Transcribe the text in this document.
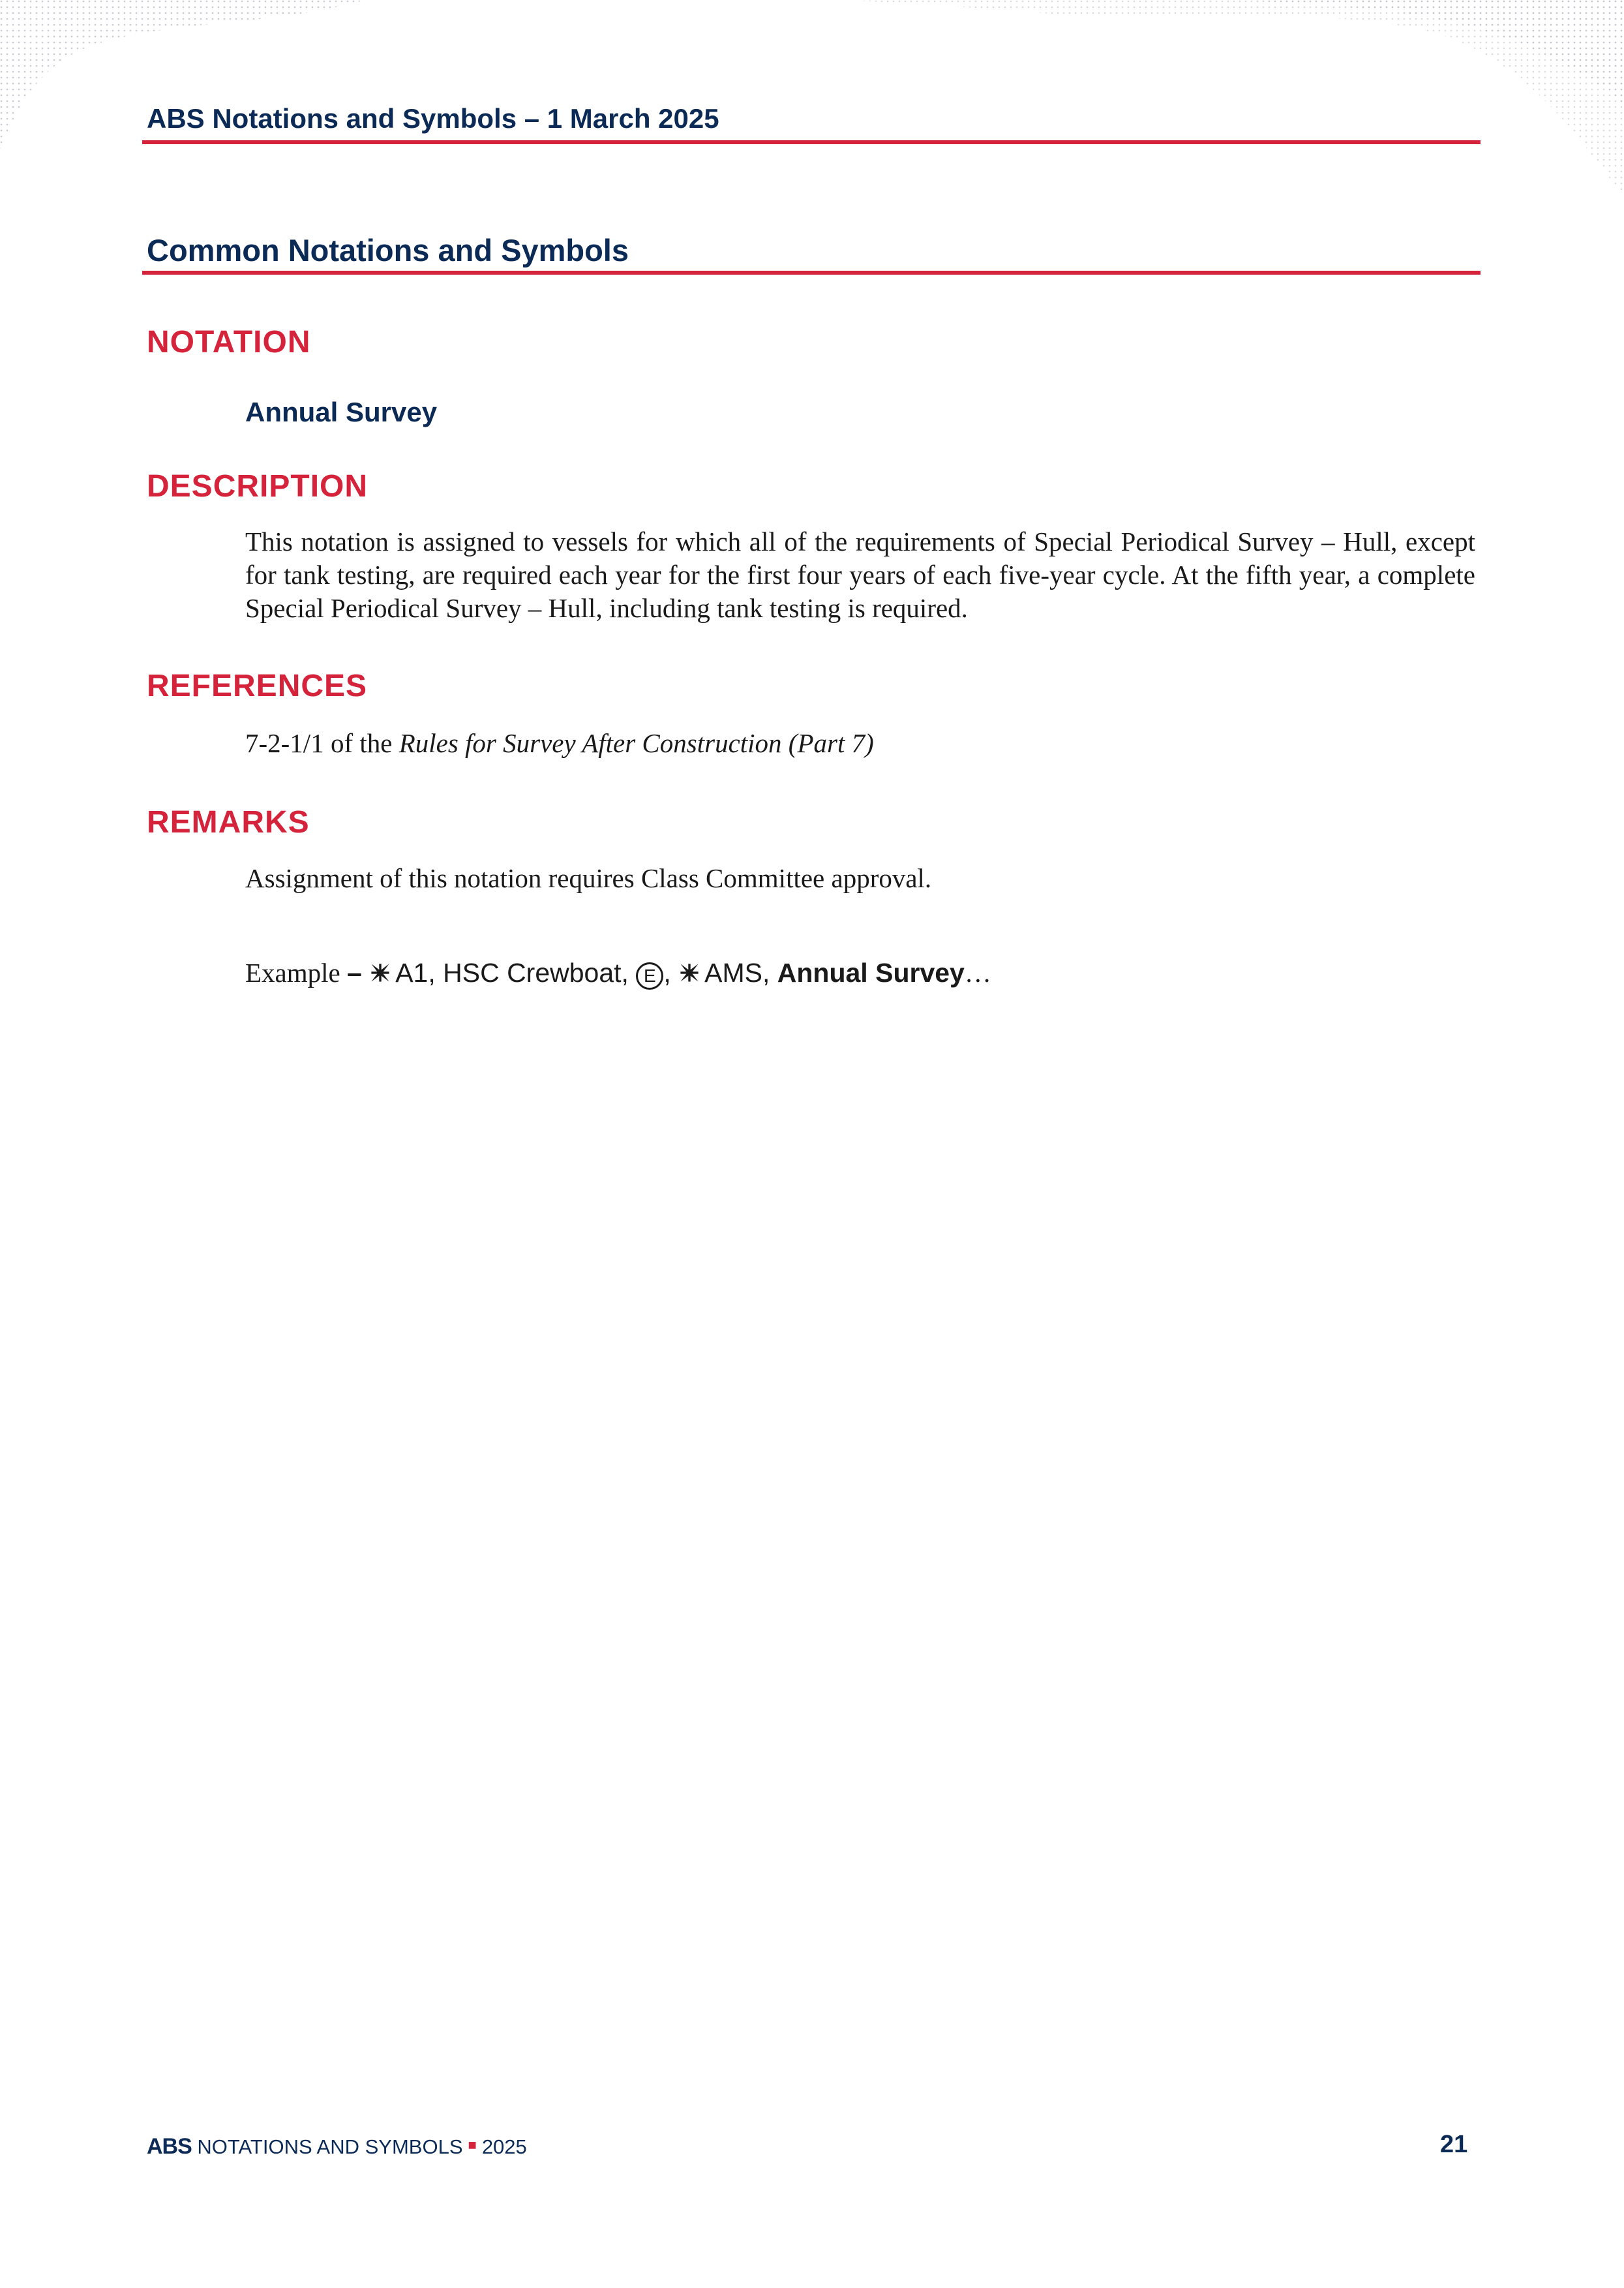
ABS Notations and Symbols – 1 March 2025
Common Notations and Symbols
NOTATION
Annual Survey
DESCRIPTION
This notation is assigned to vessels for which all of the requirements of Special Periodical Survey – Hull, except for tank testing, are required each year for the first four years of each five-year cycle. At the fifth year, a complete Special Periodical Survey – Hull, including tank testing is required.
REFERENCES
7-2-1/1 of the Rules for Survey After Construction (Part 7)
REMARKS
Assignment of this notation requires Class Committee approval.
Example – A1, HSC Crewboat, E , AMS, Annual Survey…
ABS NOTATIONS AND SYMBOLS ■ 2025	21
